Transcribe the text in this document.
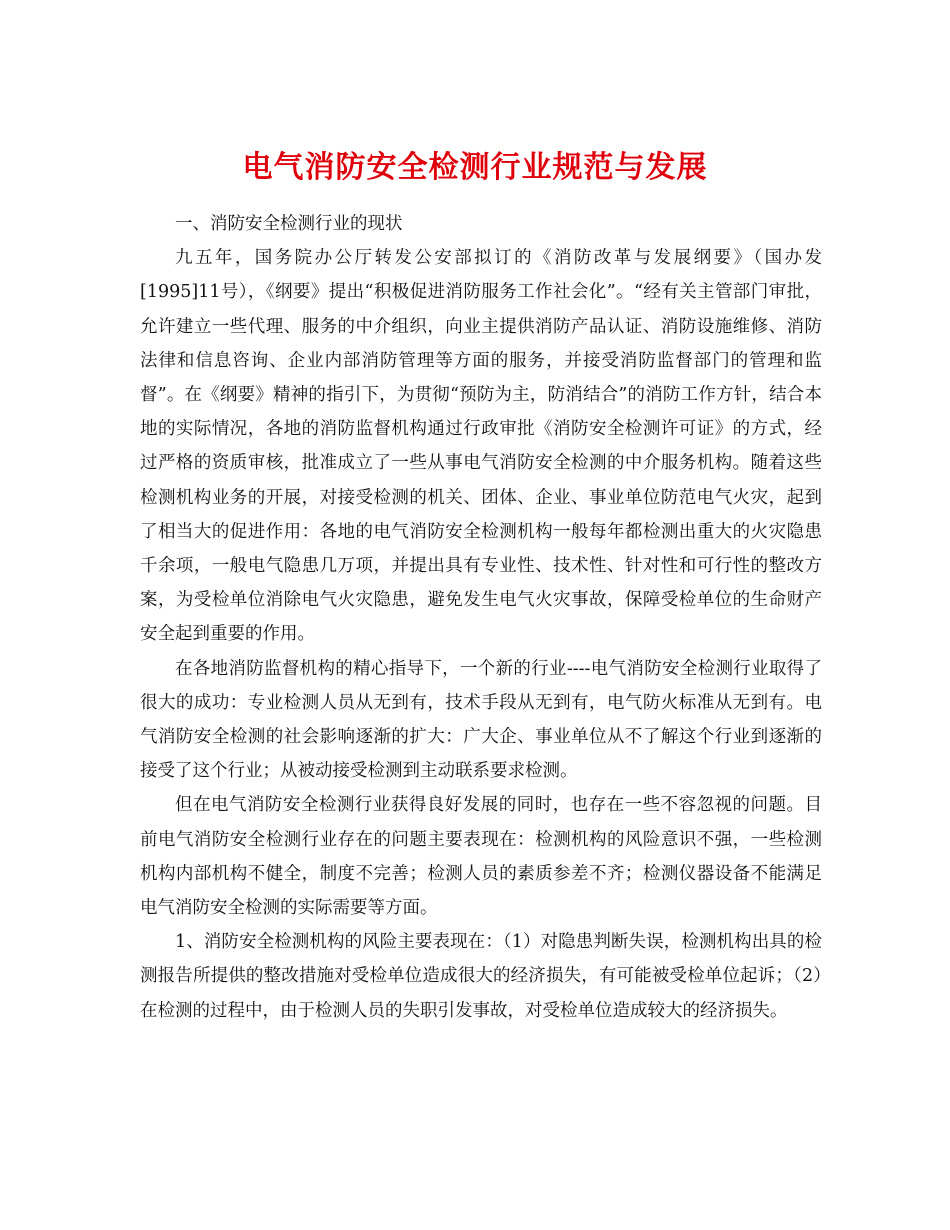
电气消防安全检测行业规范与发展

一、消防安全检测行业的现状

九五年，国务院办公厅转发公安部拟订的《消防改革与发展纲要》（国办发[1995]11号），《纲要》提出“积极促进消防服务工作社会化”。“经有关主管部门审批，允许建立一些代理、服务的中介组织，向业主提供消防产品认证、消防设施维修、消防法律和信息咨询、企业内部消防管理等方面的服务，并接受消防监督部门的管理和监督”。在《纲要》精神的指引下，为贯彻“预防为主，防消结合”的消防工作方针，结合本地的实际情况，各地的消防监督机构通过行政审批《消防安全检测许可证》的方式，经过严格的资质审核，批准成立了一些从事电气消防安全检测的中介服务机构。随着这些检测机构业务的开展，对接受检测的机关、团体、企业、事业单位防范电气火灾，起到了相当大的促进作用：各地的电气消防安全检测机构一般每年都检测出重大的火灾隐患千余项，一般电气隐患几万项，并提出具有专业性、技术性、针对性和可行性的整改方案，为受检单位消除电气火灾隐患，避免发生电气火灾事故，保障受检单位的生命财产安全起到重要的作用。

在各地消防监督机构的精心指导下，一个新的行业----电气消防安全检测行业取得了很大的成功：专业检测人员从无到有，技术手段从无到有，电气防火标准从无到有。电气消防安全检测的社会影响逐渐的扩大：广大企、事业单位从不了解这个行业到逐渐的接受了这个行业；从被动接受检测到主动联系要求检测。

但在电气消防安全检测行业获得良好发展的同时，也存在一些不容忽视的问题。目前电气消防安全检测行业存在的问题主要表现在：检测机构的风险意识不强，一些检测机构内部机构不健全，制度不完善；检测人员的素质参差不齐；检测仪器设备不能满足电气消防安全检测的实际需要等方面。

1、消防安全检测机构的风险主要表现在：（1）对隐患判断失误，检测机构出具的检测报告所提供的整改措施对受检单位造成很大的经济损失，有可能被受检单位起诉；（2）在检测的过程中，由于检测人员的失职引发事故，对受检单位造成较大的经济损失。
